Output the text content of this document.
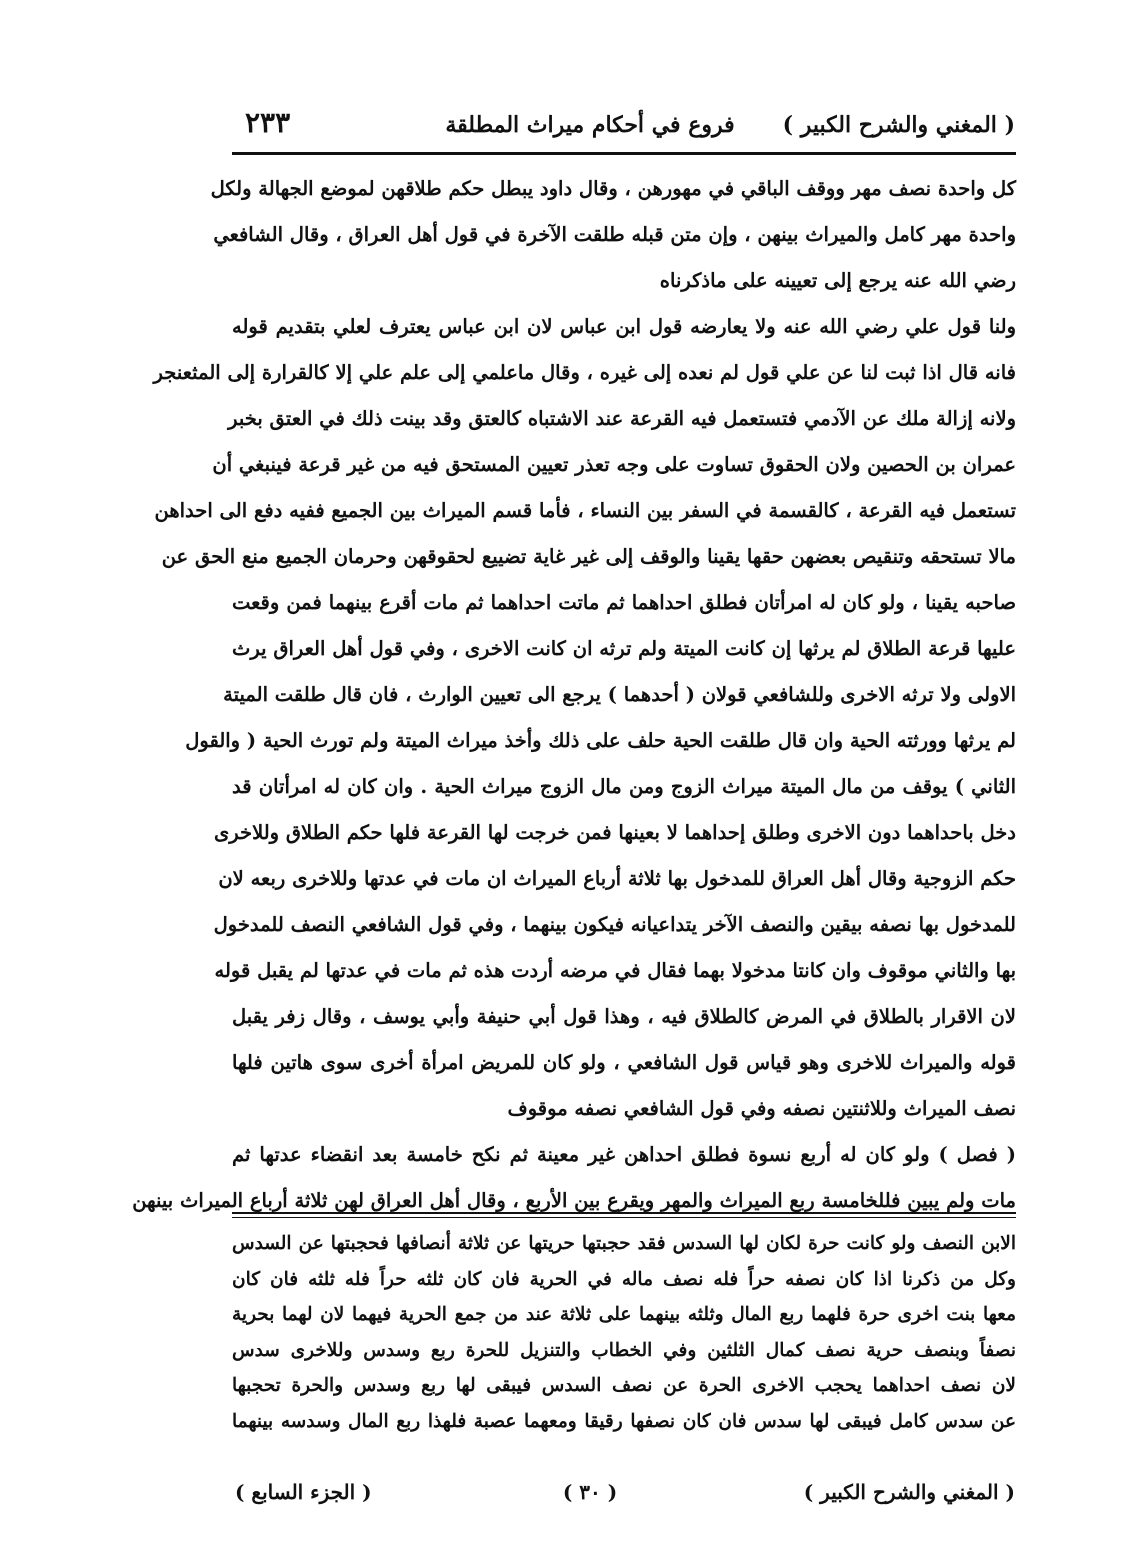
( المغني والشرح الكبير )
فروع في أحكام ميراث المطلقة
٢٣٣
كل واحدة نصف مهر ووقف الباقي في مهورهن ، وقال داود يبطل حكم طلاقهن لموضع الجهالة ولكل
واحدة مهر كامل والميراث بينهن ، وإن متن قبله طلقت الآخرة في قول أهل العراق ، وقال الشافعي
رضي الله عنه يرجع إلى تعيينه على ماذكرناه
ولنا قول علي رضي الله عنه ولا يعارضه قول ابن عباس لان ابن عباس يعترف لعلي بتقديم قوله
فانه قال اذا ثبت لنا عن علي قول لم نعده إلى غيره ، وقال ماعلمي إلى علم علي إلا كالقرارة إلى المثعنجر
ولانه إزالة ملك عن الآدمي فتستعمل فيه القرعة عند الاشتباه كالعتق وقد بينت ذلك في العتق بخبر
عمران بن الحصين ولان الحقوق تساوت على وجه تعذر تعيين المستحق فيه من غير قرعة فينبغي أن
تستعمل فيه القرعة ، كالقسمة في السفر بين النساء ، فأما قسم الميراث بين الجميع ففيه دفع الى احداهن
مالا تستحقه وتنقيص بعضهن حقها يقينا والوقف إلى غير غاية تضييع لحقوقهن وحرمان الجميع منع الحق عن
صاحبه يقينا ، ولو كان له امرأتان فطلق احداهما ثم ماتت احداهما ثم مات أقرع بينهما فمن وقعت
عليها قرعة الطلاق لم يرثها إن كانت الميتة ولم ترثه ان كانت الاخرى ، وفي قول أهل العراق يرث
الاولى ولا ترثه الاخرى وللشافعي قولان ( أحدهما ) يرجع الى تعيين الوارث ، فان قال طلقت الميتة
لم يرثها وورثته الحية وان قال طلقت الحية حلف على ذلك وأخذ ميراث الميتة ولم تورث الحية ( والقول
الثاني ) يوقف من مال الميتة ميراث الزوج ومن مال الزوج ميراث الحية . وان كان له امرأتان قد
دخل باحداهما دون الاخرى وطلق إحداهما لا بعينها فمن خرجت لها القرعة فلها حكم الطلاق وللاخرى
حكم الزوجية وقال أهل العراق للمدخول بها ثلاثة أرباع الميراث ان مات في عدتها وللاخرى ربعه لان
للمدخول بها نصفه بيقين والنصف الآخر يتداعيانه فيكون بينهما ، وفي قول الشافعي النصف للمدخول
بها والثاني موقوف وان كانتا مدخولا بهما فقال في مرضه أردت هذه ثم مات في عدتها لم يقبل قوله
لان الاقرار بالطلاق في المرض كالطلاق فيه ، وهذا قول أبي حنيفة وأبي يوسف ، وقال زفر يقبل
قوله والميراث للاخرى وهو قياس قول الشافعي ، ولو كان للمريض امرأة أخرى سوى هاتين فلها
نصف الميراث وللاثنتين نصفه وفي قول الشافعي نصفه موقوف
( فصل ) ولو كان له أربع نسوة فطلق احداهن غير معينة ثم نكح خامسة بعد انقضاء عدتها ثم
مات ولم يبين فللخامسة ربع الميراث والمهر ويقرع بين الأربع ، وقال أهل العراق لهن ثلاثة أرباع الميراث بينهن
الابن النصف ولو كانت حرة لكان لها السدس فقد حجبتها حريتها عن ثلاثة أنصافها فحجبتها عن السدس
وكل من ذكرنا اذا كان نصفه حراً فله نصف ماله في الحرية فان كان ثلثه حراً فله ثلثه فان كان
معها بنت اخرى حرة فلهما ربع المال وثلثه بينهما على ثلاثة عند من جمع الحرية فيهما لان لهما بحرية
نصفاً وبنصف حرية نصف كمال الثلثين وفي الخطاب والتنزيل للحرة ربع وسدس وللاخرى سدس
لان نصف احداهما يحجب الاخرى الحرة عن نصف السدس فيبقى لها ربع وسدس والحرة تحجبها
عن سدس كامل فيبقى لها سدس فان كان نصفها رقيقا ومعهما عصبة فلهذا ربع المال وسدسه بينهما
( المغني والشرح الكبير )
( ٣٠ )
( الجزء السابع )
